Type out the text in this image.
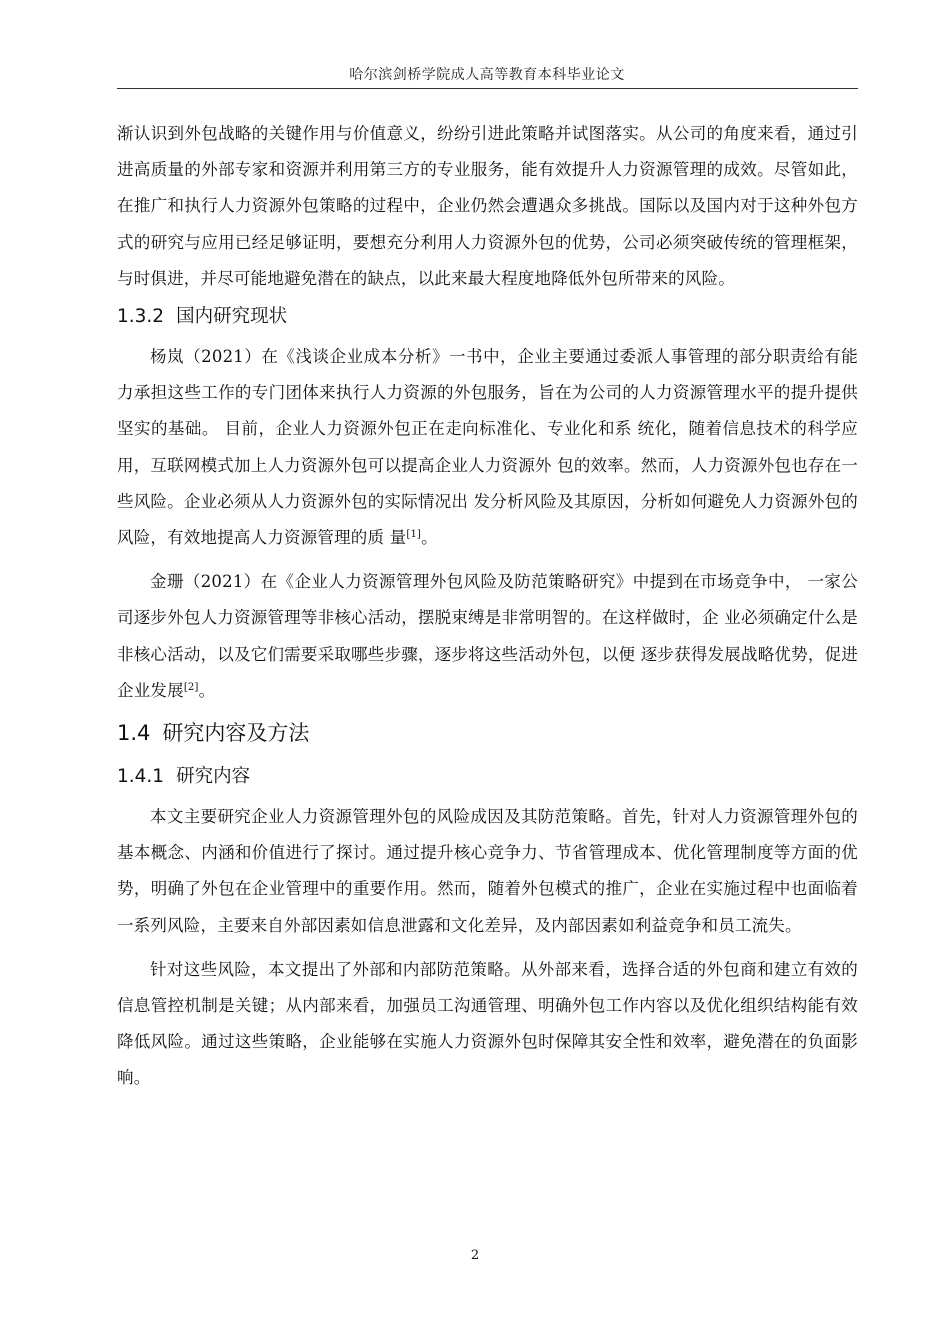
哈尔滨剑桥学院成人高等教育本科毕业论文

渐认识到外包战略的关键作用与价值意义，纷纷引进此策略并试图落实。从公司的角度来看，通过引进高质量的外部专家和资源并利用第三方的专业服务，能有效提升人力资源管理的成效。尽管如此，在推广和执行人力资源外包策略的过程中，企业仍然会遭遇众多挑战。国际以及国内对于这种外包方式的研究与应用已经足够证明，要想充分利用人力资源外包的优势，公司必须突破传统的管理框架，与时俱进，并尽可能地避免潜在的缺点，以此来最大程度地降低外包所带来的风险。

1.3.2 国内研究现状

杨岚（2021）在《浅谈企业成本分析》一书中，企业主要通过委派人事管理的部分职责给有能力承担这些工作的专门团体来执行人力资源的外包服务，旨在为公司的人力资源管理水平的提升提供坚实的基础。 目前，企业人力资源外包正在走向标准化、专业化和系 统化，随着信息技术的科学应用，互联网模式加上人力资源外包可以提高企业人力资源外 包的效率。然而，人力资源外包也存在一些风险。企业必须从人力资源外包的实际情况出 发分析风险及其原因，分析如何避免人力资源外包的风险，有效地提高人力资源管理的质 量[1]。

金珊（2021）在《企业人力资源管理外包风险及防范策略研究》中提到在市场竞争中， 一家公司逐步外包人力资源管理等非核心活动，摆脱束缚是非常明智的。在这样做时，企 业必须确定什么是非核心活动，以及它们需要采取哪些步骤，逐步将这些活动外包，以便 逐步获得发展战略优势，促进企业发展[2]。

1.4 研究内容及方法
1.4.1 研究内容

本文主要研究企业人力资源管理外包的风险成因及其防范策略。首先，针对人力资源管理外包的基本概念、内涵和价值进行了探讨。通过提升核心竞争力、节省管理成本、优化管理制度等方面的优势，明确了外包在企业管理中的重要作用。然而，随着外包模式的推广，企业在实施过程中也面临着一系列风险，主要来自外部因素如信息泄露和文化差异，及内部因素如利益竞争和员工流失。

针对这些风险，本文提出了外部和内部防范策略。从外部来看，选择合适的外包商和建立有效的信息管控机制是关键；从内部来看，加强员工沟通管理、明确外包工作内容以及优化组织结构能有效降低风险。通过这些策略，企业能够在实施人力资源外包时保障其安全性和效率，避免潜在的负面影响。

2
